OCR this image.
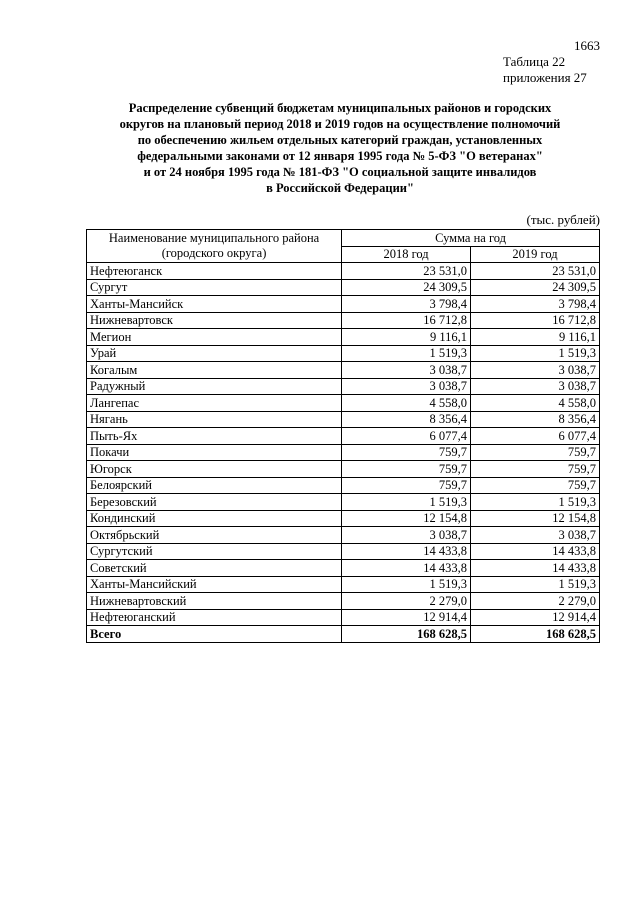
1663
Таблица 22
приложения 27
Распределение субвенций бюджетам муниципальных районов и городских
округов на плановый период 2018 и 2019 годов на осуществление полномочий
по обеспечению жильем отдельных категорий граждан, установленных
федеральными законами от 12 января 1995 года № 5-ФЗ "О ветеранах"
и от 24 ноября 1995 года № 181-ФЗ "О социальной защите инвалидов
в Российской Федерации"
(тыс. рублей)
Наименование муниципального района
(городского округа)	Сумма на год	
	2018 год	2019 год
Нефтеюганск	23 531,0	23 531,0
Сургут	24 309,5	24 309,5
Ханты-Мансийск	3 798,4	3 798,4
Нижневартовск	16 712,8	16 712,8
Мегион	9 116,1	9 116,1
Урай	1 519,3	1 519,3
Когалым	3 038,7	3 038,7
Радужный	3 038,7	3 038,7
Лангепас	4 558,0	4 558,0
Нягань	8 356,4	8 356,4
Пыть-Ях	6 077,4	6 077,4
Покачи	759,7	759,7
Югорск	759,7	759,7
Белоярский	759,7	759,7
Березовский	1 519,3	1 519,3
Кондинский	12 154,8	12 154,8
Октябрьский	3 038,7	3 038,7
Сургутский	14 433,8	14 433,8
Советский	14 433,8	14 433,8
Ханты-Мансийский	1 519,3	1 519,3
Нижневартовский	2 279,0	2 279,0
Нефтеюганский	12 914,4	12 914,4
Всего	168 628,5	168 628,5
